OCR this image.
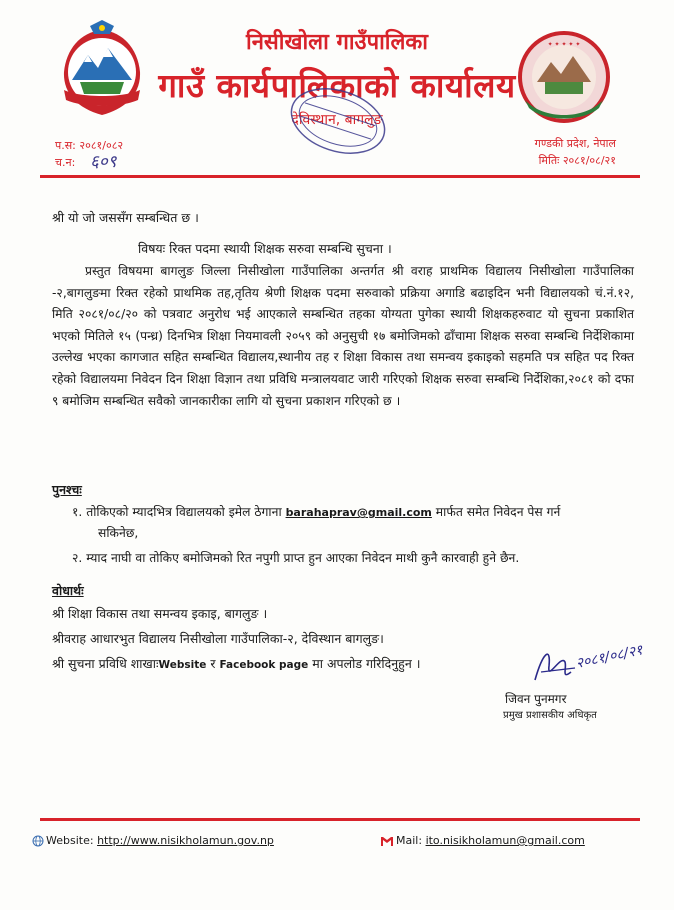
✦ ✦ ✦ ✦ ✦
निसीखोला गाउँपालिका
गाउँ कार्यपालिकाको कार्यालय
देविस्थान, बागलुङ
प.स: २०८१/०८२
च.न: ६०९
गण्डकी प्रदेश, नेपाल
मितिः २०८१/०८/२१
श्री यो जो जससँग सम्बन्धित छ ।
विषयः रिक्त पदमा स्थायी शिक्षक सरुवा सम्बन्धि सुचना ।
प्रस्तुत विषयमा बागलुङ जिल्ला निसीखोला गाउँपालिका अन्तर्गत श्री वराह प्राथमिक विद्यालय निसीखोला गाउँपालिका -२,बागलुङमा रिक्त रहेको प्राथमिक तह,तृतिय श्रेणी शिक्षक पदमा सरुवाको प्रक्रिया अगाडि बढाइदिन भनी विद्यालयको चं.नं.१२, मिति २०८१/०८/२० को पत्रवाट अनुरोध भई आएकाले सम्बन्धित तहका योग्यता पुगेका स्थायी शिक्षकहरुवाट यो सुचना प्रकाशित भएको मितिले १५ (पन्ध्र) दिनभित्र शिक्षा नियमावली २०५९ को अनुसुची १७ बमोजिमको ढाँचामा शिक्षक सरुवा सम्बन्धि निर्देशिकामा उल्लेख भएका कागजात सहित सम्बन्धित विद्यालय,स्थानीय तह र शिक्षा विकास तथा समन्वय इकाइको सहमति पत्र सहित पद रिक्त रहेको विद्यालयमा निवेदन दिन शिक्षा विज्ञान तथा प्रविधि मन्त्रालयवाट जारी गरिएको शिक्षक सरुवा सम्बन्धि निर्देशिका,२०८१ को दफा ९ बमोजिम सम्बन्धित सवैको जानकारीका लागि यो सुचना प्रकाशन गरिएको छ ।
पुनश्चः
१. तोकिएको म्यादभित्र विद्यालयको इमेल ठेगाना barahaprav@gmail.com मार्फत समेत निवेदन पेस गर्न
सकिनेछ,
२. म्याद नाघी वा तोकिए बमोजिमको रित नपुगी प्राप्त हुन आएका निवेदन माथी कुनै कारवाही हुने छैन.
वोधार्थः
श्री शिक्षा विकास तथा समन्वय इकाइ, बागलुङ ।
श्रीवराह आधारभुत विद्यालय निसीखोला गाउँपालिका-२, देविस्थान बागलुङ।
श्री सुचना प्रविधि शाखाःWebsite र Facebook page मा अपलोड गरिदिनुहुन ।	२०८१/०८/२१
जिवन पुनमगर
प्रमुख प्रशासकीय अधिकृत
Website: http://www.nisikholamun.gov.np	Mail: ito.nisikholamun@gmail.com
